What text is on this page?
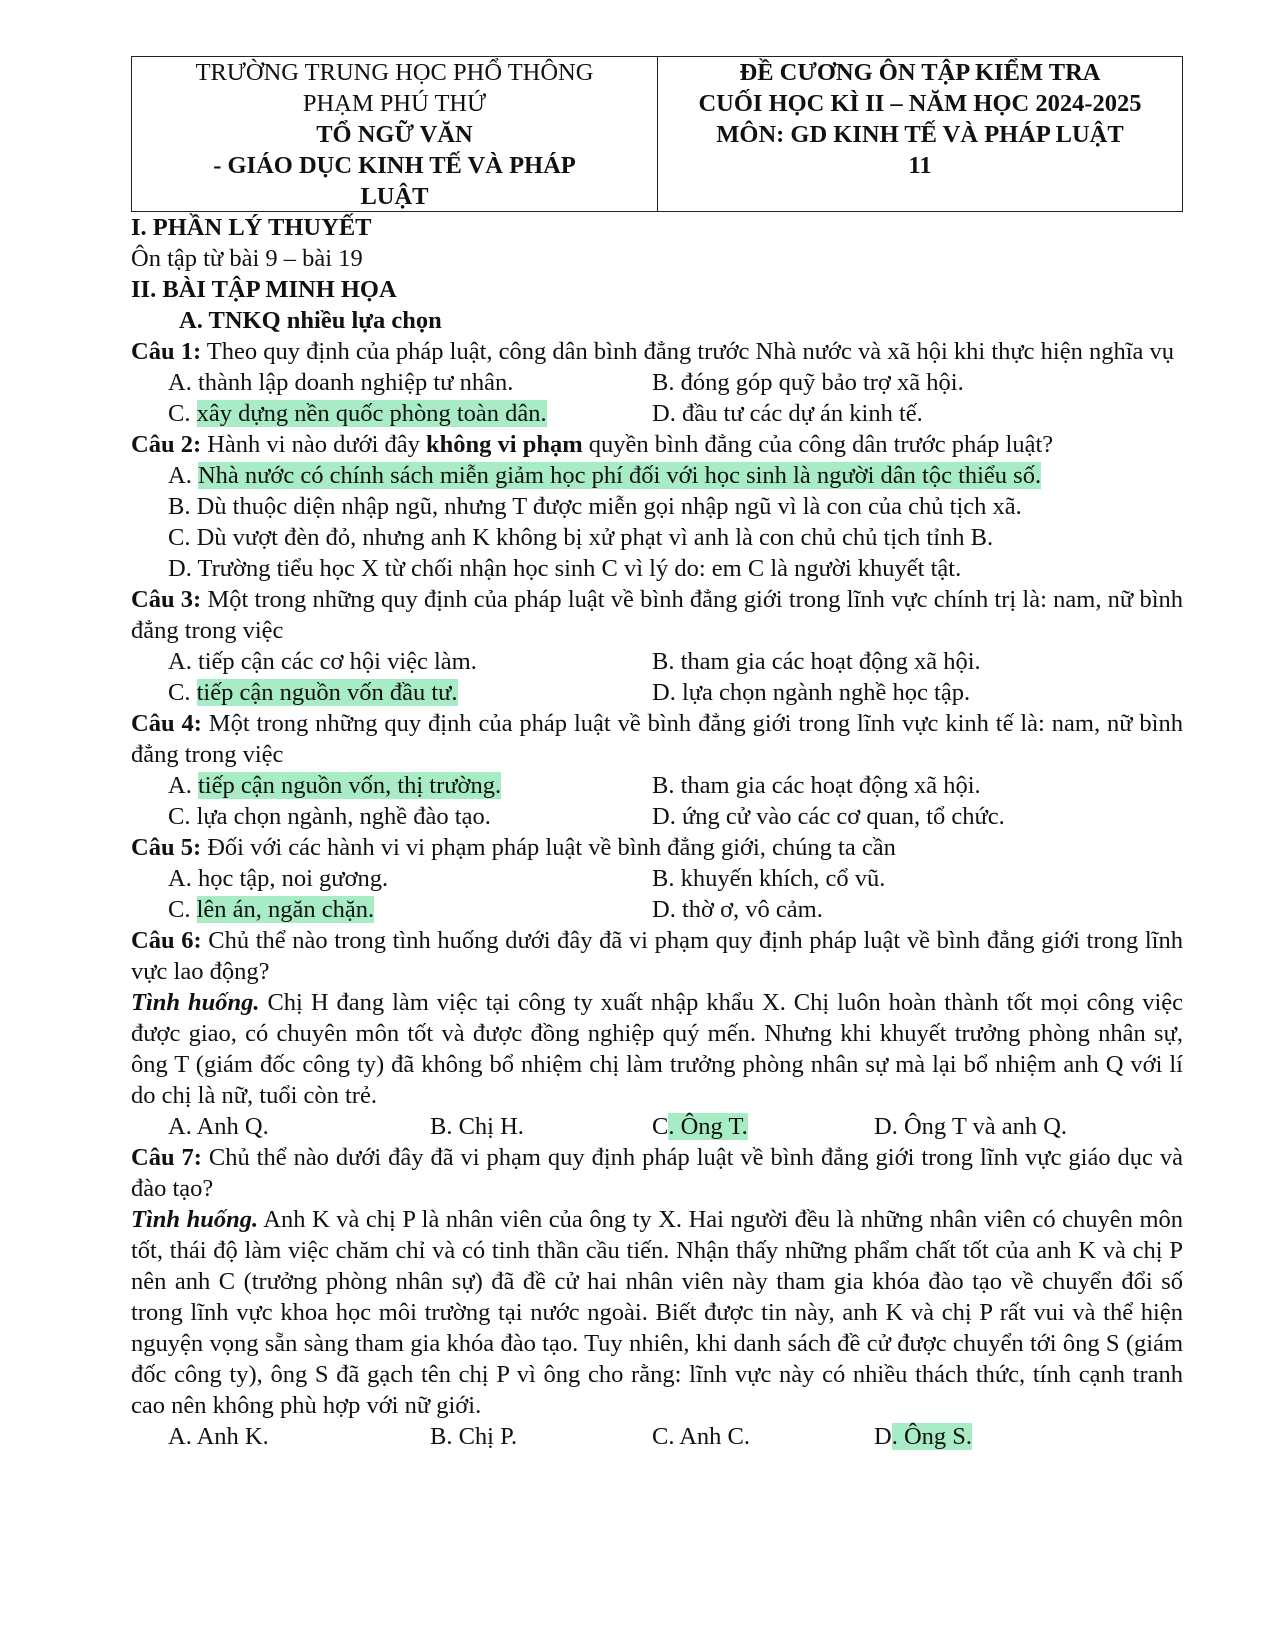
TRƯỜNG TRUNG HỌC PHỔ THÔNG
PHẠM PHÚ THỨ
TỔ NGỮ VĂN
- GIÁO DỤC KINH TẾ VÀ PHÁP
LUẬT
ĐỀ CƯƠNG ÔN TẬP KIỂM TRA
CUỐI HỌC KÌ II – NĂM HỌC 2024-2025
MÔN: GD KINH TẾ VÀ PHÁP LUẬT
11
I. PHẦN LÝ THUYẾT
Ôn tập từ bài 9 – bài 19
II. BÀI TẬP MINH HỌA
A. TNKQ nhiều lựa chọn
Câu 1: Theo quy định của pháp luật, công dân bình đẳng trước Nhà nước và xã hội khi thực hiện nghĩa vụ
A. thành lập doanh nghiệp tư nhân.	B. đóng góp quỹ bảo trợ xã hội.
C. xây dựng nền quốc phòng toàn dân.	D. đầu tư các dự án kinh tế.
Câu 2: Hành vi nào dưới đây không vi phạm quyền bình đẳng của công dân trước pháp luật?
A. Nhà nước có chính sách miễn giảm học phí đối với học sinh là người dân tộc thiểu số.
B. Dù thuộc diện nhập ngũ, nhưng T được miễn gọi nhập ngũ vì là con của chủ tịch xã.
C. Dù vượt đèn đỏ, nhưng anh K không bị xử phạt vì anh là con chủ chủ tịch tỉnh B.
D. Trường tiểu học X từ chối nhận học sinh C vì lý do: em C là người khuyết tật.
Câu 3: Một trong những quy định của pháp luật về bình đẳng giới trong lĩnh vực chính trị là: nam, nữ bình đẳng trong việc
A. tiếp cận các cơ hội việc làm.	B. tham gia các hoạt động xã hội.
C. tiếp cận nguồn vốn đầu tư.	D. lựa chọn ngành nghề học tập.
Câu 4: Một trong những quy định của pháp luật về bình đẳng giới trong lĩnh vực kinh tế là: nam, nữ bình đẳng trong việc
A. tiếp cận nguồn vốn, thị trường.	B. tham gia các hoạt động xã hội.
C. lựa chọn ngành, nghề đào tạo.	D. ứng cử vào các cơ quan, tổ chức.
Câu 5: Đối với các hành vi vi phạm pháp luật về bình đẳng giới, chúng ta cần
A. học tập, noi gương.	B. khuyến khích, cổ vũ.
C. lên án, ngăn chặn.	D. thờ ơ, vô cảm.
Câu 6: Chủ thể nào trong tình huống dưới đây đã vi phạm quy định pháp luật về bình đẳng giới trong lĩnh vực lao động?
Tình huống. Chị H đang làm việc tại công ty xuất nhập khẩu X. Chị luôn hoàn thành tốt mọi công việc được giao, có chuyên môn tốt và được đồng nghiệp quý mến. Nhưng khi khuyết trưởng phòng nhân sự, ông T (giám đốc công ty) đã không bổ nhiệm chị làm trưởng phòng nhân sự mà lại bổ nhiệm anh Q với lí do chị là nữ, tuổi còn trẻ.
A. Anh Q.	B. Chị H.	C. Ông T.	D. Ông T và anh Q.
Câu 7: Chủ thể nào dưới đây đã vi phạm quy định pháp luật về bình đẳng giới trong lĩnh vực giáo dục và đào tạo?
Tình huống. Anh K và chị P là nhân viên của ông ty X. Hai người đều là những nhân viên có chuyên môn tốt, thái độ làm việc chăm chỉ và có tinh thần cầu tiến. Nhận thấy những phẩm chất tốt của anh K và chị P nên anh C (trưởng phòng nhân sự) đã đề cử hai nhân viên này tham gia khóa đào tạo về chuyển đổi số trong lĩnh vực khoa học môi trường tại nước ngoài. Biết được tin này, anh K và chị P rất vui và thể hiện nguyện vọng sẵn sàng tham gia khóa đào tạo. Tuy nhiên, khi danh sách đề cử được chuyển tới ông S (giám đốc công ty), ông S đã gạch tên chị P vì ông cho rằng: lĩnh vực này có nhiều thách thức, tính cạnh tranh cao nên không phù hợp với nữ giới.
A. Anh K.	B. Chị P.	C. Anh C.	D. Ông S.
